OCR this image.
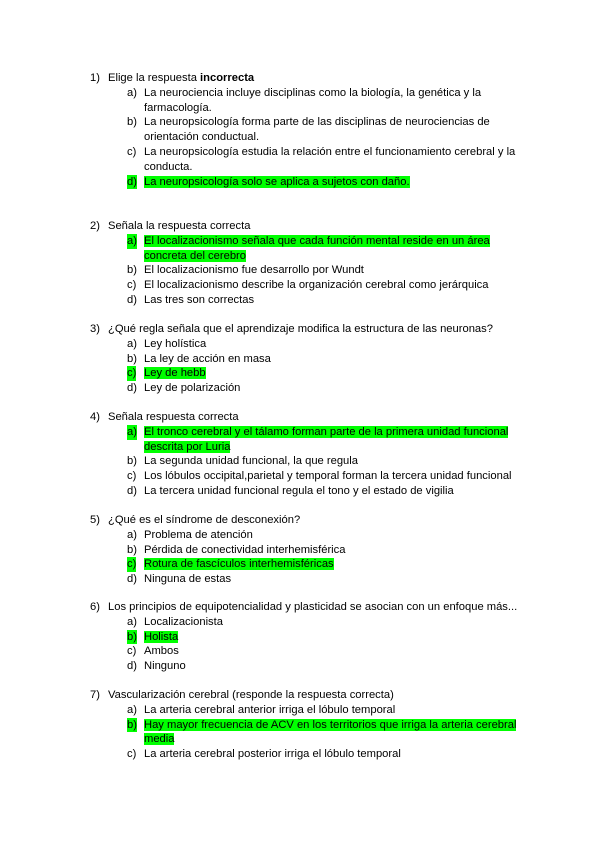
1) Elige la respuesta incorrecta
a) La neurociencia incluye disciplinas como la biología, la genética y la farmacología.
b) La neuropsicología forma parte de las disciplinas de neurociencias de orientación conductual.
c) La neuropsicología estudia la relación entre el funcionamiento cerebral y la conducta.
d) La neuropsicología solo se aplica a sujetos con daño.
2) Señala la respuesta correcta
a) El localizacionismo señala que cada función mental reside en un área concreta del cerebro
b) El localizacionismo fue desarrollo por Wundt
c) El localizacionismo describe la organización cerebral como jerárquica
d) Las tres son correctas
3) ¿Qué regla señala que el aprendizaje modifica la estructura de las neuronas?
a) Ley holística
b) La ley de acción en masa
c) Ley de hebb
d) Ley de polarización
4) Señala respuesta correcta
a) El tronco cerebral y el tálamo forman parte de la primera unidad funcional descrita por Luria
b) La segunda unidad funcional, la que regula
c) Los lóbulos occipital,parietal y temporal forman la tercera unidad funcional
d) La tercera unidad funcional regula el tono y el estado de vigilia
5) ¿Qué es el síndrome de desconexión?
a) Problema de atención
b) Pérdida de conectividad interhemisférica
c) Rotura de fascículos interhemisféricas
d) Ninguna de estas
6) Los principios de equipotencialidad y plasticidad se asocian con un enfoque más...
a) Localizacionista
b) Holista
c) Ambos
d) Ninguno
7) Vascularización cerebral (responde la respuesta correcta)
a) La arteria cerebral anterior irriga el lóbulo temporal
b) Hay mayor frecuencia de ACV en los territorios que irriga la arteria cerebral media
c) La arteria cerebral posterior irriga el lóbulo temporal
